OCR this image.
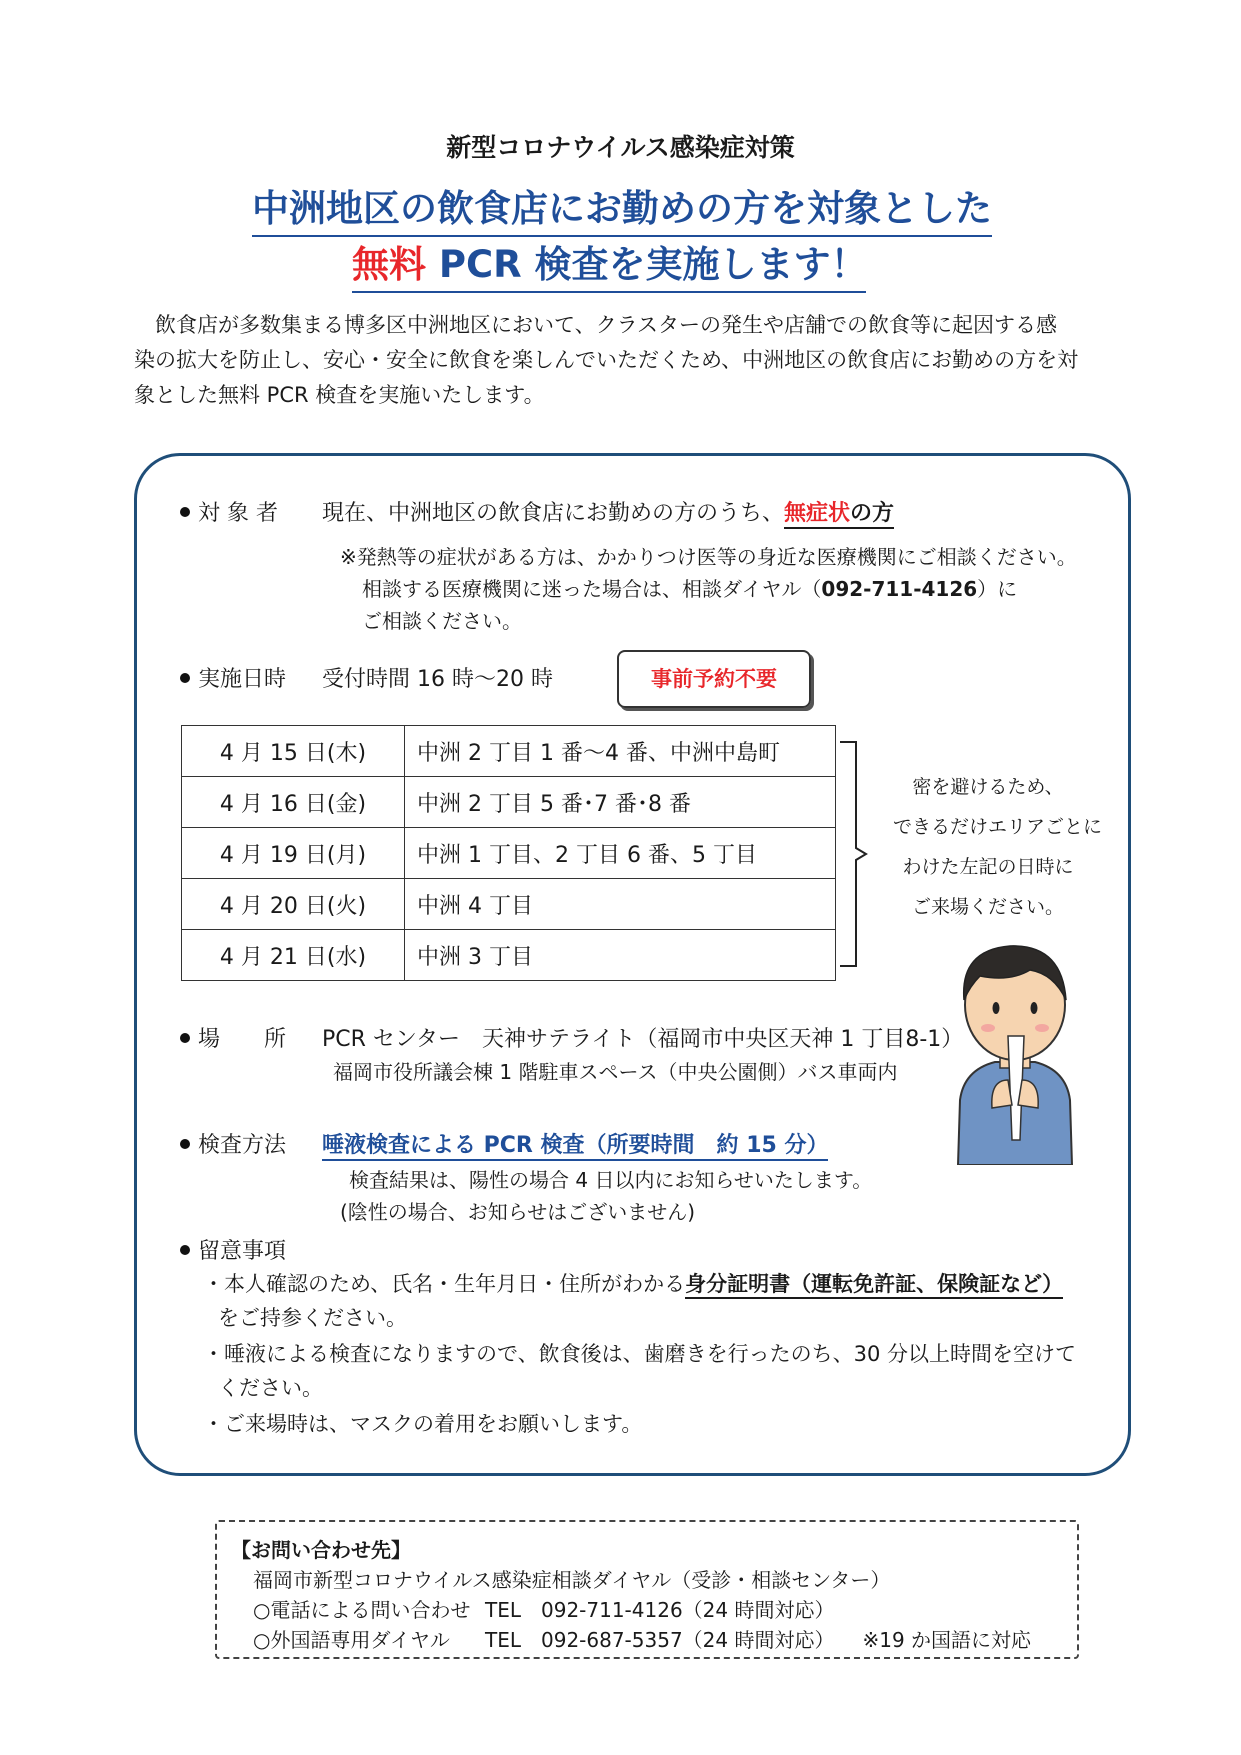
新型コロナウイルス感染症対策
中洲地区の飲食店にお勤めの方を対象とした
無料 PCR 検査を実施します！

　飲食店が多数集まる博多区中洲地区において、クラスターの発生や店舗での飲食等に起因する感

染の拡大を防止し、安心・安全に飲食を楽しんでいただくため、中洲地区の飲食店にお勤めの方を対

象とした無料 PCR 検査を実施いたします。

対 象 者 現在、中洲地区の飲食店にお勤めの方のうち、無症状の方
※発熱等の症状がある方は、かかりつけ医等の身近な医療機関にご相談ください。
相談する医療機関に迷った場合は、相談ダイヤル（092-711-4126）に
ご相談ください。
実施日時 受付時間 16 時～20 時	事前予約不要
4 月 15 日(木)	中洲 2 丁目 1 番～4 番、中洲中島町
4 月 16 日(金)	中洲 2 丁目 5 番･7 番･8 番
4 月 19 日(月)	中洲 1 丁目、2 丁目 6 番、5 丁目
4 月 20 日(火)	中洲 4 丁目
4 月 21 日(水)	中洲 3 丁目
密を避けるため、
できるだけエリアごとに
わけた左記の日時に
ご来場ください。
場　　所 PCR センター　天神サテライト（福岡市中央区天神 1 丁目8-1）
福岡市役所議会棟 1 階駐車スペース（中央公園側）バス車両内
検査方法 唾液検査による PCR 検査（所要時間　約 15 分）
検査結果は、陽性の場合 4 日以内にお知らせいたします。
(陰性の場合、お知らせはございません)
留意事項
・本人確認のため、氏名・生年月日・住所がわかる身分証明書（運転免許証、保険証など）
をご持参ください。
・唾液による検査になりますので、飲食後は、歯磨きを行ったのち、30 分以上時間を空けて
ください。
・ご来場時は、マスクの着用をお願いします。
【お問い合わせ先】
福岡市新型コロナウイルス感染症相談ダイヤル（受診・相談センター）
○電話による問い合わせ TEL　092-711-4126（24 時間対応）
○外国語専用ダイヤル TEL　092-687-5357（24 時間対応） ※19 か国語に対応
